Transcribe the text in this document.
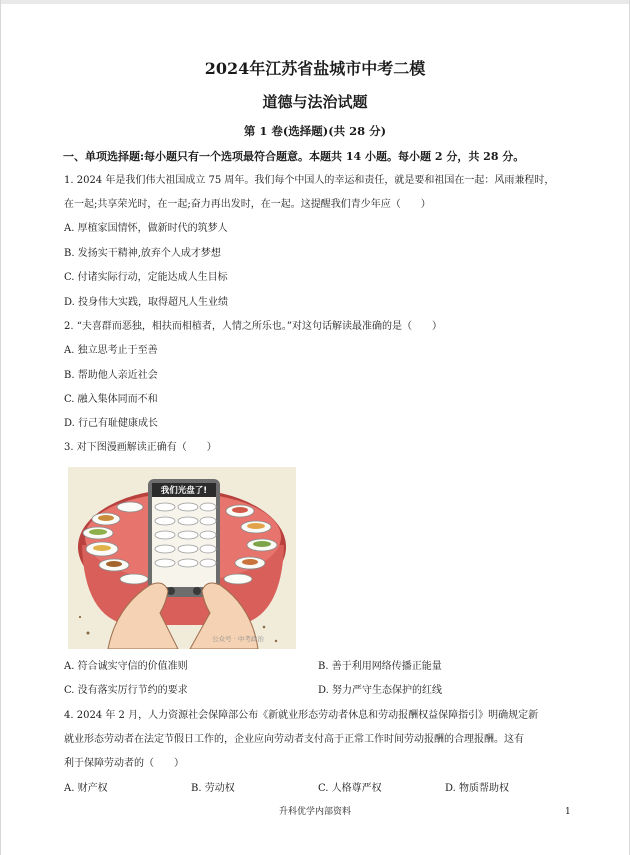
2024年江苏省盐城市中考二模
道德与法治试题
第 1 卷(选择题)(共 28 分)
一、单项选择题:每小题只有一个选项最符合题意。本题共 14 小题。每小题 2 分，共 28 分。
1. 2024 年是我们伟大祖国成立 75 周年。我们每个中国人的幸运和责任，就是要和祖国在一起：风雨兼程时，
在一起;共享荣光时，在一起;奋力再出发时，在一起。这提醒我们青少年应（　　）
A. 厚植家国情怀，做新时代的筑梦人
B. 发扬实干精神,放弃个人成才梦想
C. 付诸实际行动，定能达成人生目标
D. 投身伟大实践，取得超凡人生业绩
2. “夫喜群而恶独，相扶而相植者，人情之所乐也。”对这句话解读最准确的是（　　）
A. 独立思考止于至善
B. 帮助他人亲近社会
C. 融入集体同而不和
D. 行己有耻健康成长
3. 对下图漫画解读正确有（　　）
我们光盘了!
公众号 · 中考政治
A. 符合诚实守信的价值准则	B. 善于利用网络传播正能量
C. 没有落实厉行节约的要求	D. 努力严守生态保护的红线
4. 2024 年 2 月，人力资源社会保障部公布《新就业形态劳动者休息和劳动报酬权益保障指引》明确规定新
就业形态劳动者在法定节假日工作的，企业应向劳动者支付高于正常工作时间劳动报酬的合理报酬。这有
利于保障劳动者的（　　）
A. 财产权	B. 劳动权	C. 人格尊严权	D. 物质帮助权
升科优学内部资料	1
